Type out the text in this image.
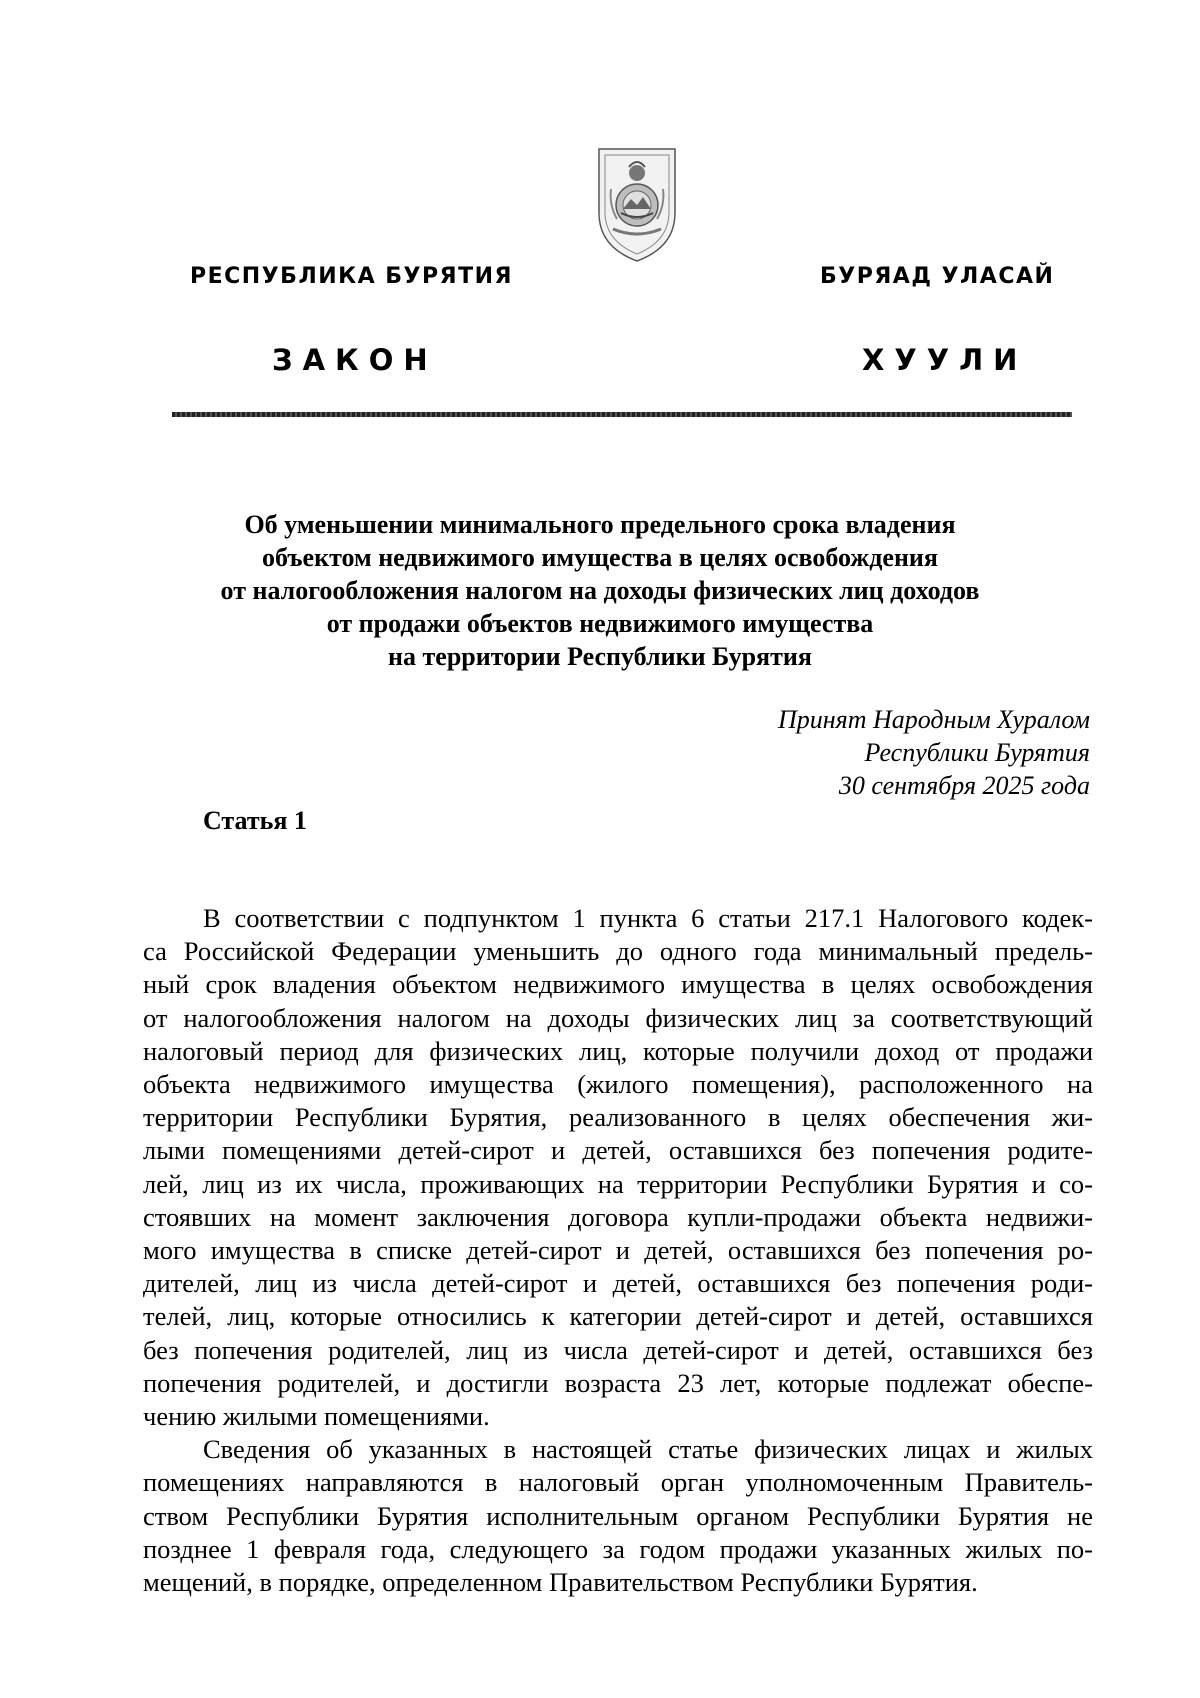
РЕСПУБЛИКА БУРЯТИЯ	БУРЯАД УЛАСАЙ
ЗАКОН	ХУУЛИ
Об уменьшении минимального предельного срока владения
объектом недвижимого имущества в целях освобождения
от налогообложения налогом на доходы физических лиц доходов
от продажи объектов недвижимого имущества
на территории Республики Бурятия
Принят Народным Хуралом
Республики Бурятия
30 сентября 2025 года
Статья 1

В соответствии с подпунктом 1 пункта 6 статьи 217.1 Налогового кодек-
са Российской Федерации уменьшить до одного года минимальный предель-
ный срок владения объектом недвижимого имущества в целях освобождения
от налогообложения налогом на доходы физических лиц за соответствующий
налоговый период для физических лиц, которые получили доход от продажи
объекта недвижимого имущества (жилого помещения), расположенного на
территории Республики Бурятия, реализованного в целях обеспечения жи-
лыми помещениями детей-сирот и детей, оставшихся без попечения родите-
лей, лиц из их числа, проживающих на территории Республики Бурятия и со-
стоявших на момент заключения договора купли-продажи объекта недвижи-
мого имущества в списке детей-сирот и детей, оставшихся без попечения ро-
дителей, лиц из числа детей-сирот и детей, оставшихся без попечения роди-
телей, лиц, которые относились к категории детей-сирот и детей, оставшихся
без попечения родителей, лиц из числа детей-сирот и детей, оставшихся без
попечения родителей, и достигли возраста 23 лет, которые подлежат обеспе-
чению жилыми помещениями.

Сведения об указанных в настоящей статье физических лицах и жилых
помещениях направляются в налоговый орган уполномоченным Правитель-
ством Республики Бурятия исполнительным органом Республики Бурятия не
позднее 1 февраля года, следующего за годом продажи указанных жилых по-
мещений, в порядке, определенном Правительством Республики Бурятия.
